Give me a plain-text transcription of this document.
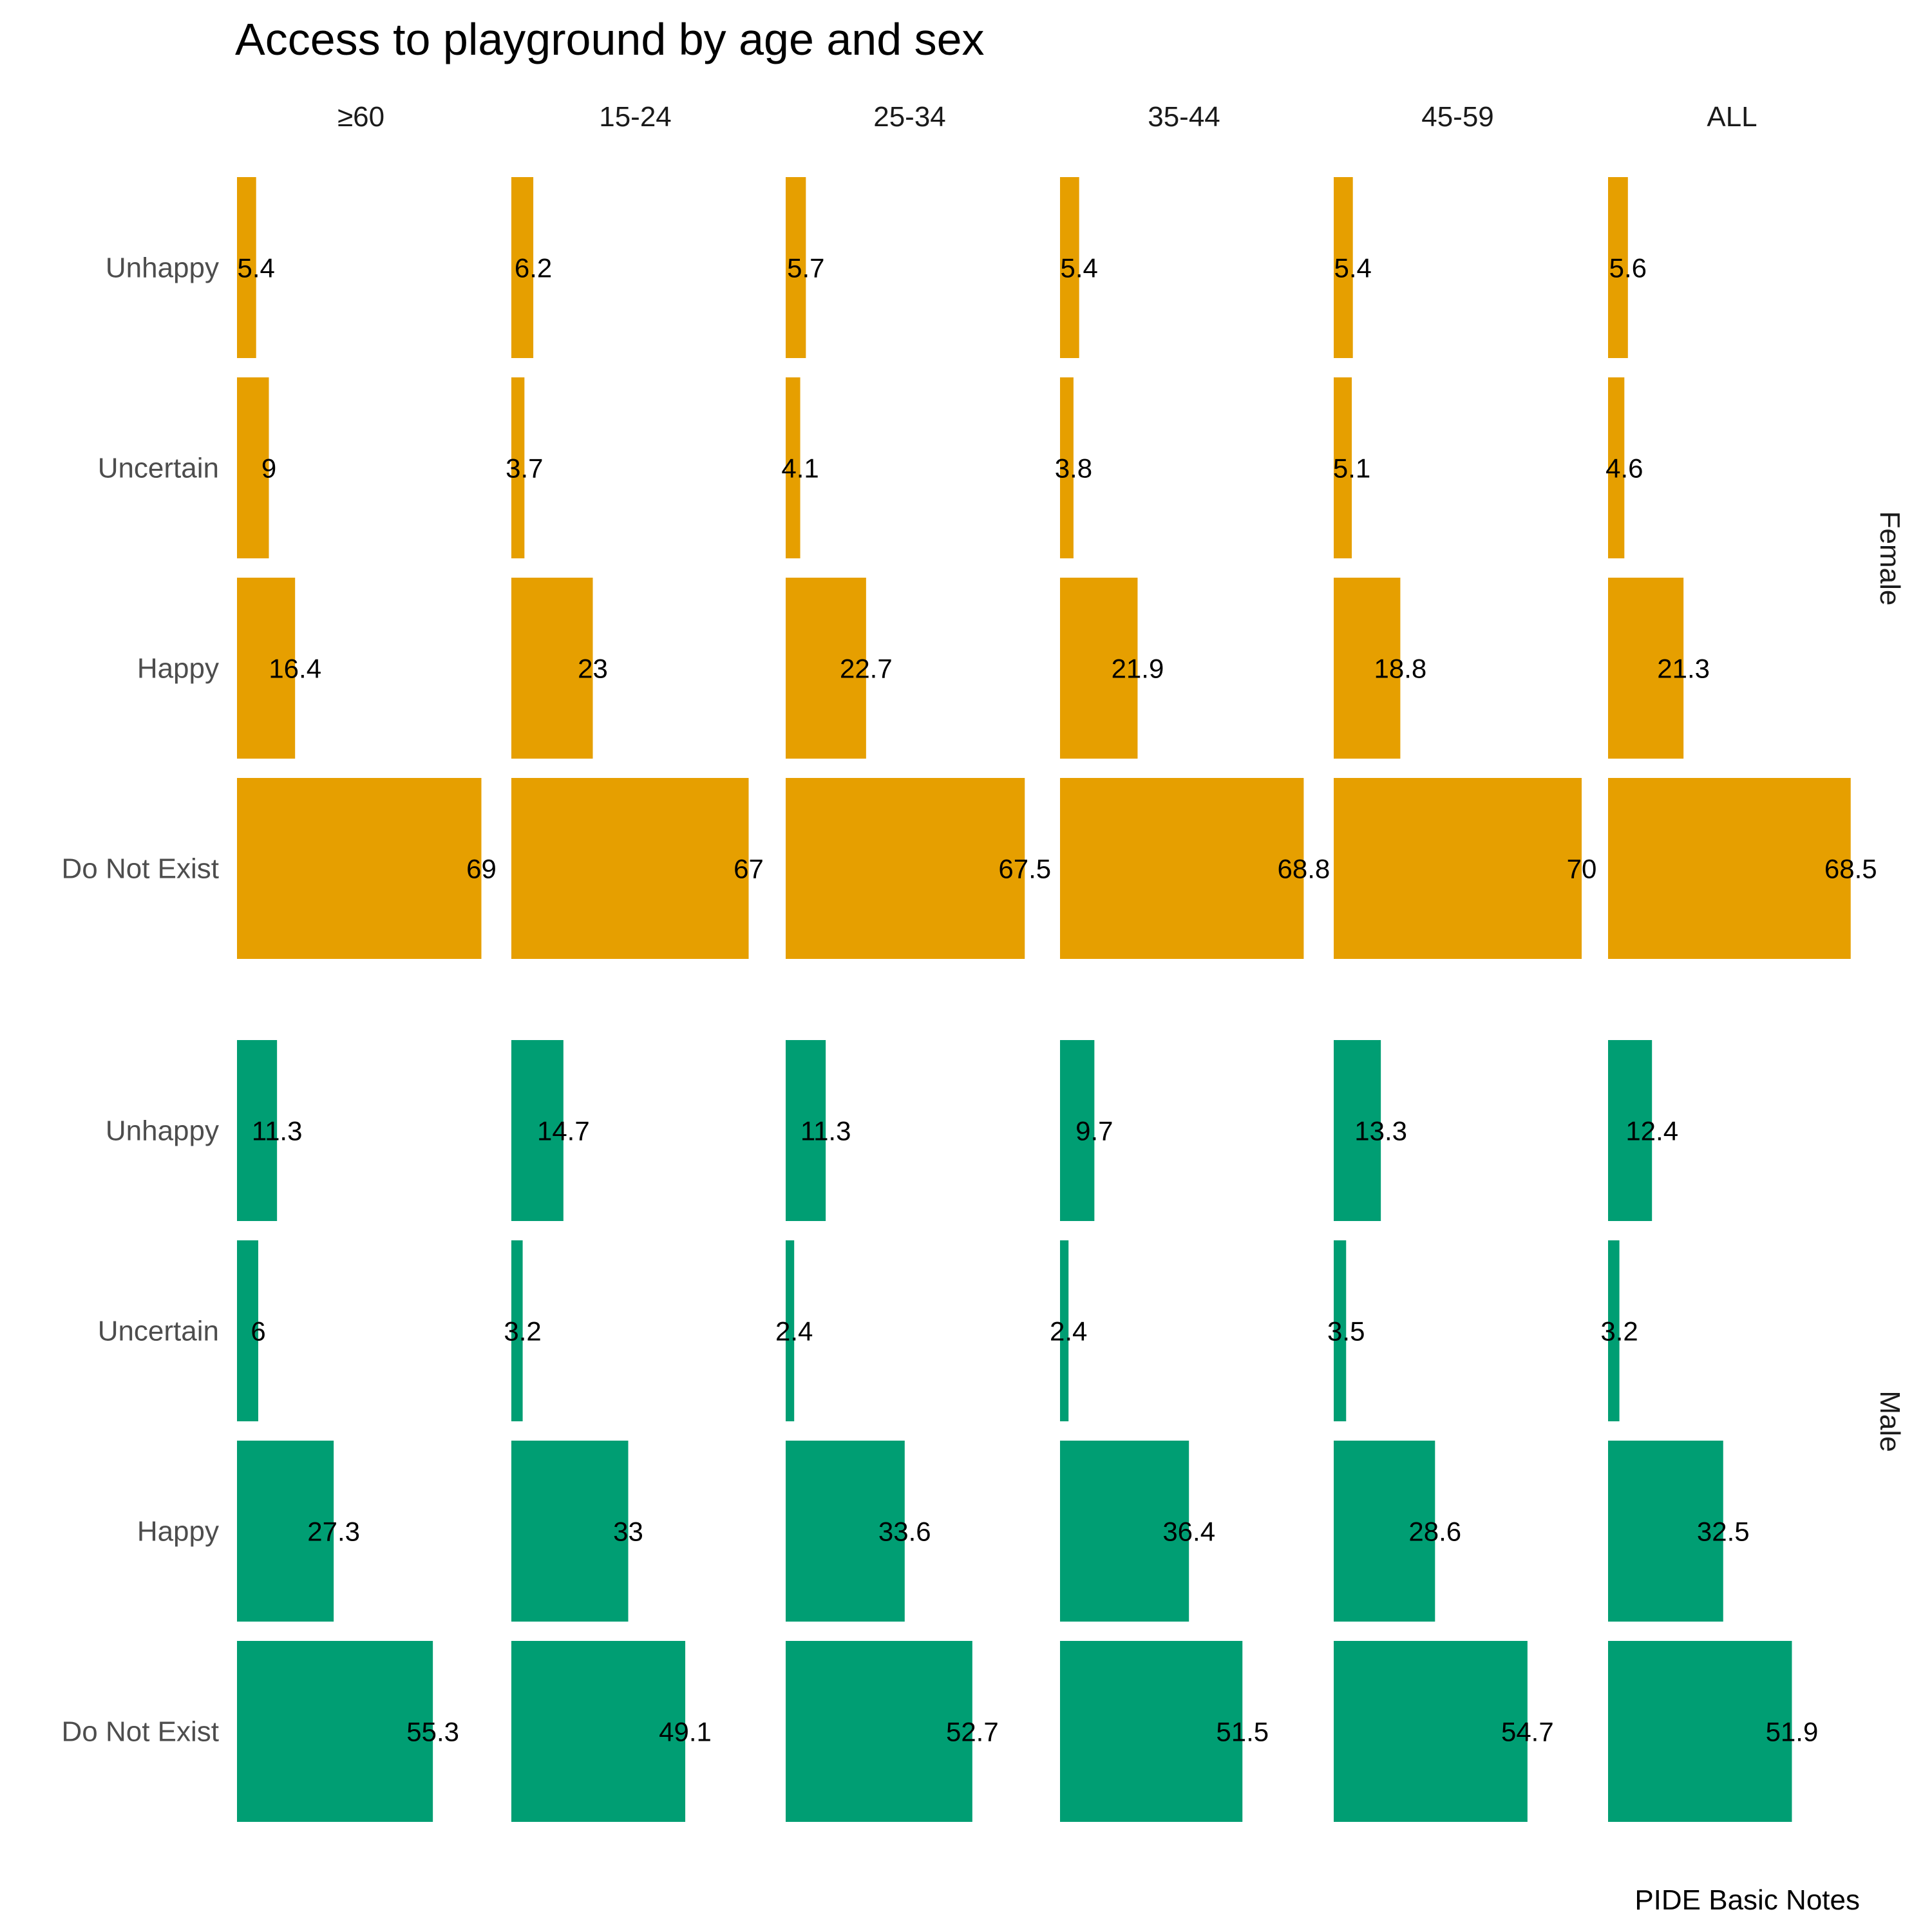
Access to playground by age and sex
PIDE Basic Notes
≥60	15-24	25-34	35-44	45-59	ALL
Female
Male
Unhappy
Uncertain
Happy
Do Not Exist
5.4
9
16.4
69
6.2
3.7
23
67
5.7
4.1
22.7
67.5
5.4
3.8
21.9
68.8
5.4
5.1
18.8
70
5.6
4.6
21.3
68.5
Unhappy
Uncertain
Happy
Do Not Exist
11.3
6
27.3
55.3
14.7
3.2
33
49.1
11.3
2.4
33.6
52.7
9.7
2.4
36.4
51.5
13.3
3.5
28.6
54.7
12.4
3.2
32.5
51.9
